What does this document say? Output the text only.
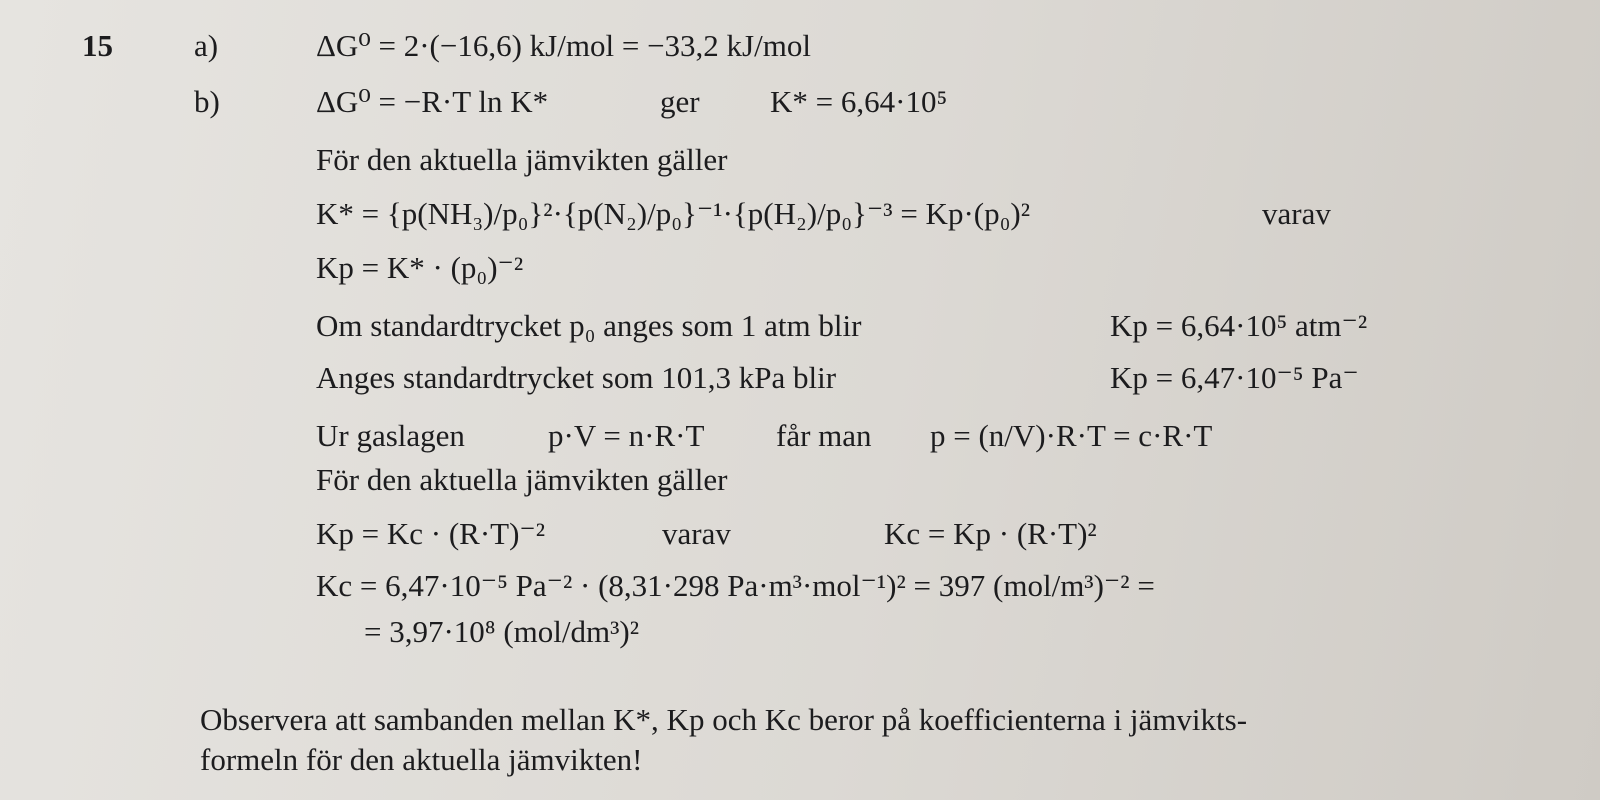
15	a)	ΔG⁰ = 2·(−16,6) kJ/mol = −33,2 kJ/mol
b)	ΔG⁰ = −R·T ln K*	ger K* = 6,64·10⁵
För den aktuella jämvikten gäller
K* = {p(NH₃)/p₀}²·{p(N₂)/p₀}⁻¹·{p(H₂)/p₀}⁻³ = Kp·(p₀)²	varav
Kp = K* · (p₀)⁻²
Om standardtrycket p₀ anges som 1 atm blir	Kp = 6,64·10⁵ atm⁻²
Anges standardtrycket som 101,3 kPa blir	Kp = 6,47·10⁻⁵ Pa⁻
Ur gaslagen	p·V = n·R·T får man p = (n/V)·R·T = c·R·T
För den aktuella jämvikten gäller
Kp = Kc · (R·T)⁻²	varav	Kc = Kp · (R·T)²
Kc = 6,47·10⁻⁵ Pa⁻² · (8,31·298 Pa·m³·mol⁻¹)² = 397 (mol/m³)⁻² =
= 3,97·10⁸ (mol/dm³)²
Observera att sambanden mellan K*, Kp och Kc beror på koefficienterna i jämvikts-
formeln för den aktuella jämvikten!
